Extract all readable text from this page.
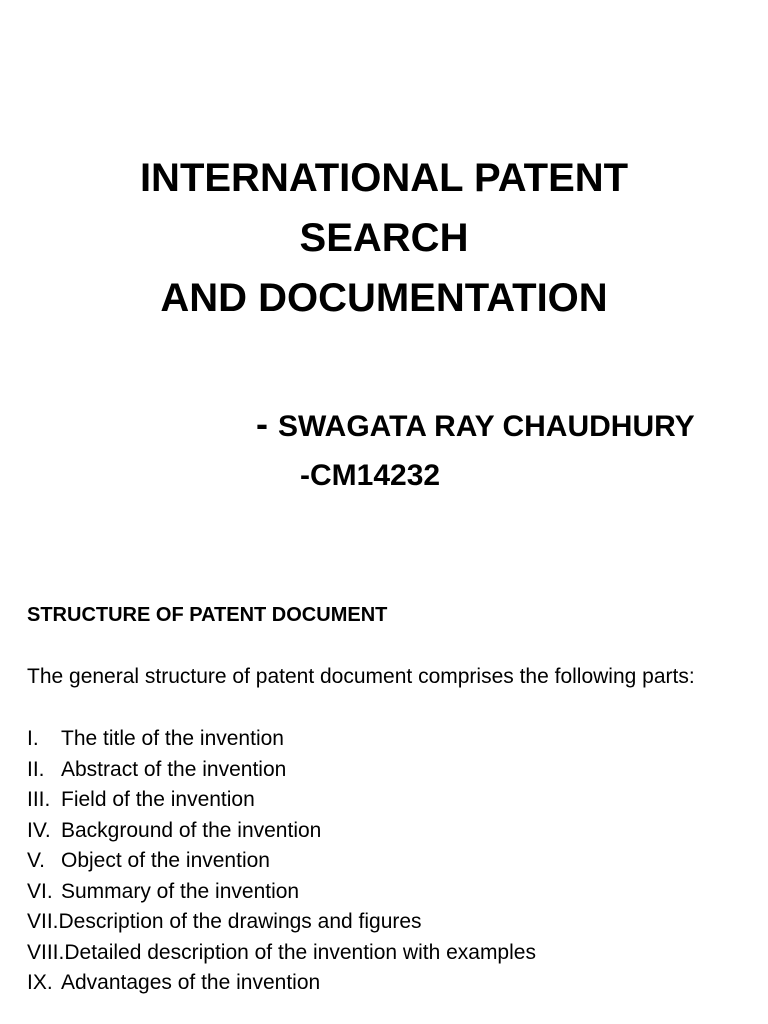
INTERNATIONAL PATENT
SEARCH
AND DOCUMENTATION
- SWAGATA RAY CHAUDHURY
-CM14232

STRUCTURE OF PATENT DOCUMENT

The general structure of patent document comprises the following parts:

I. The title of the invention
II. Abstract of the invention
III. Field of the invention
IV. Background of the invention
V. Object of the invention
VI. Summary of the invention
VII.Description of the drawings and figures
VIII.Detailed description of the invention with examples
IX. Advantages of the invention
